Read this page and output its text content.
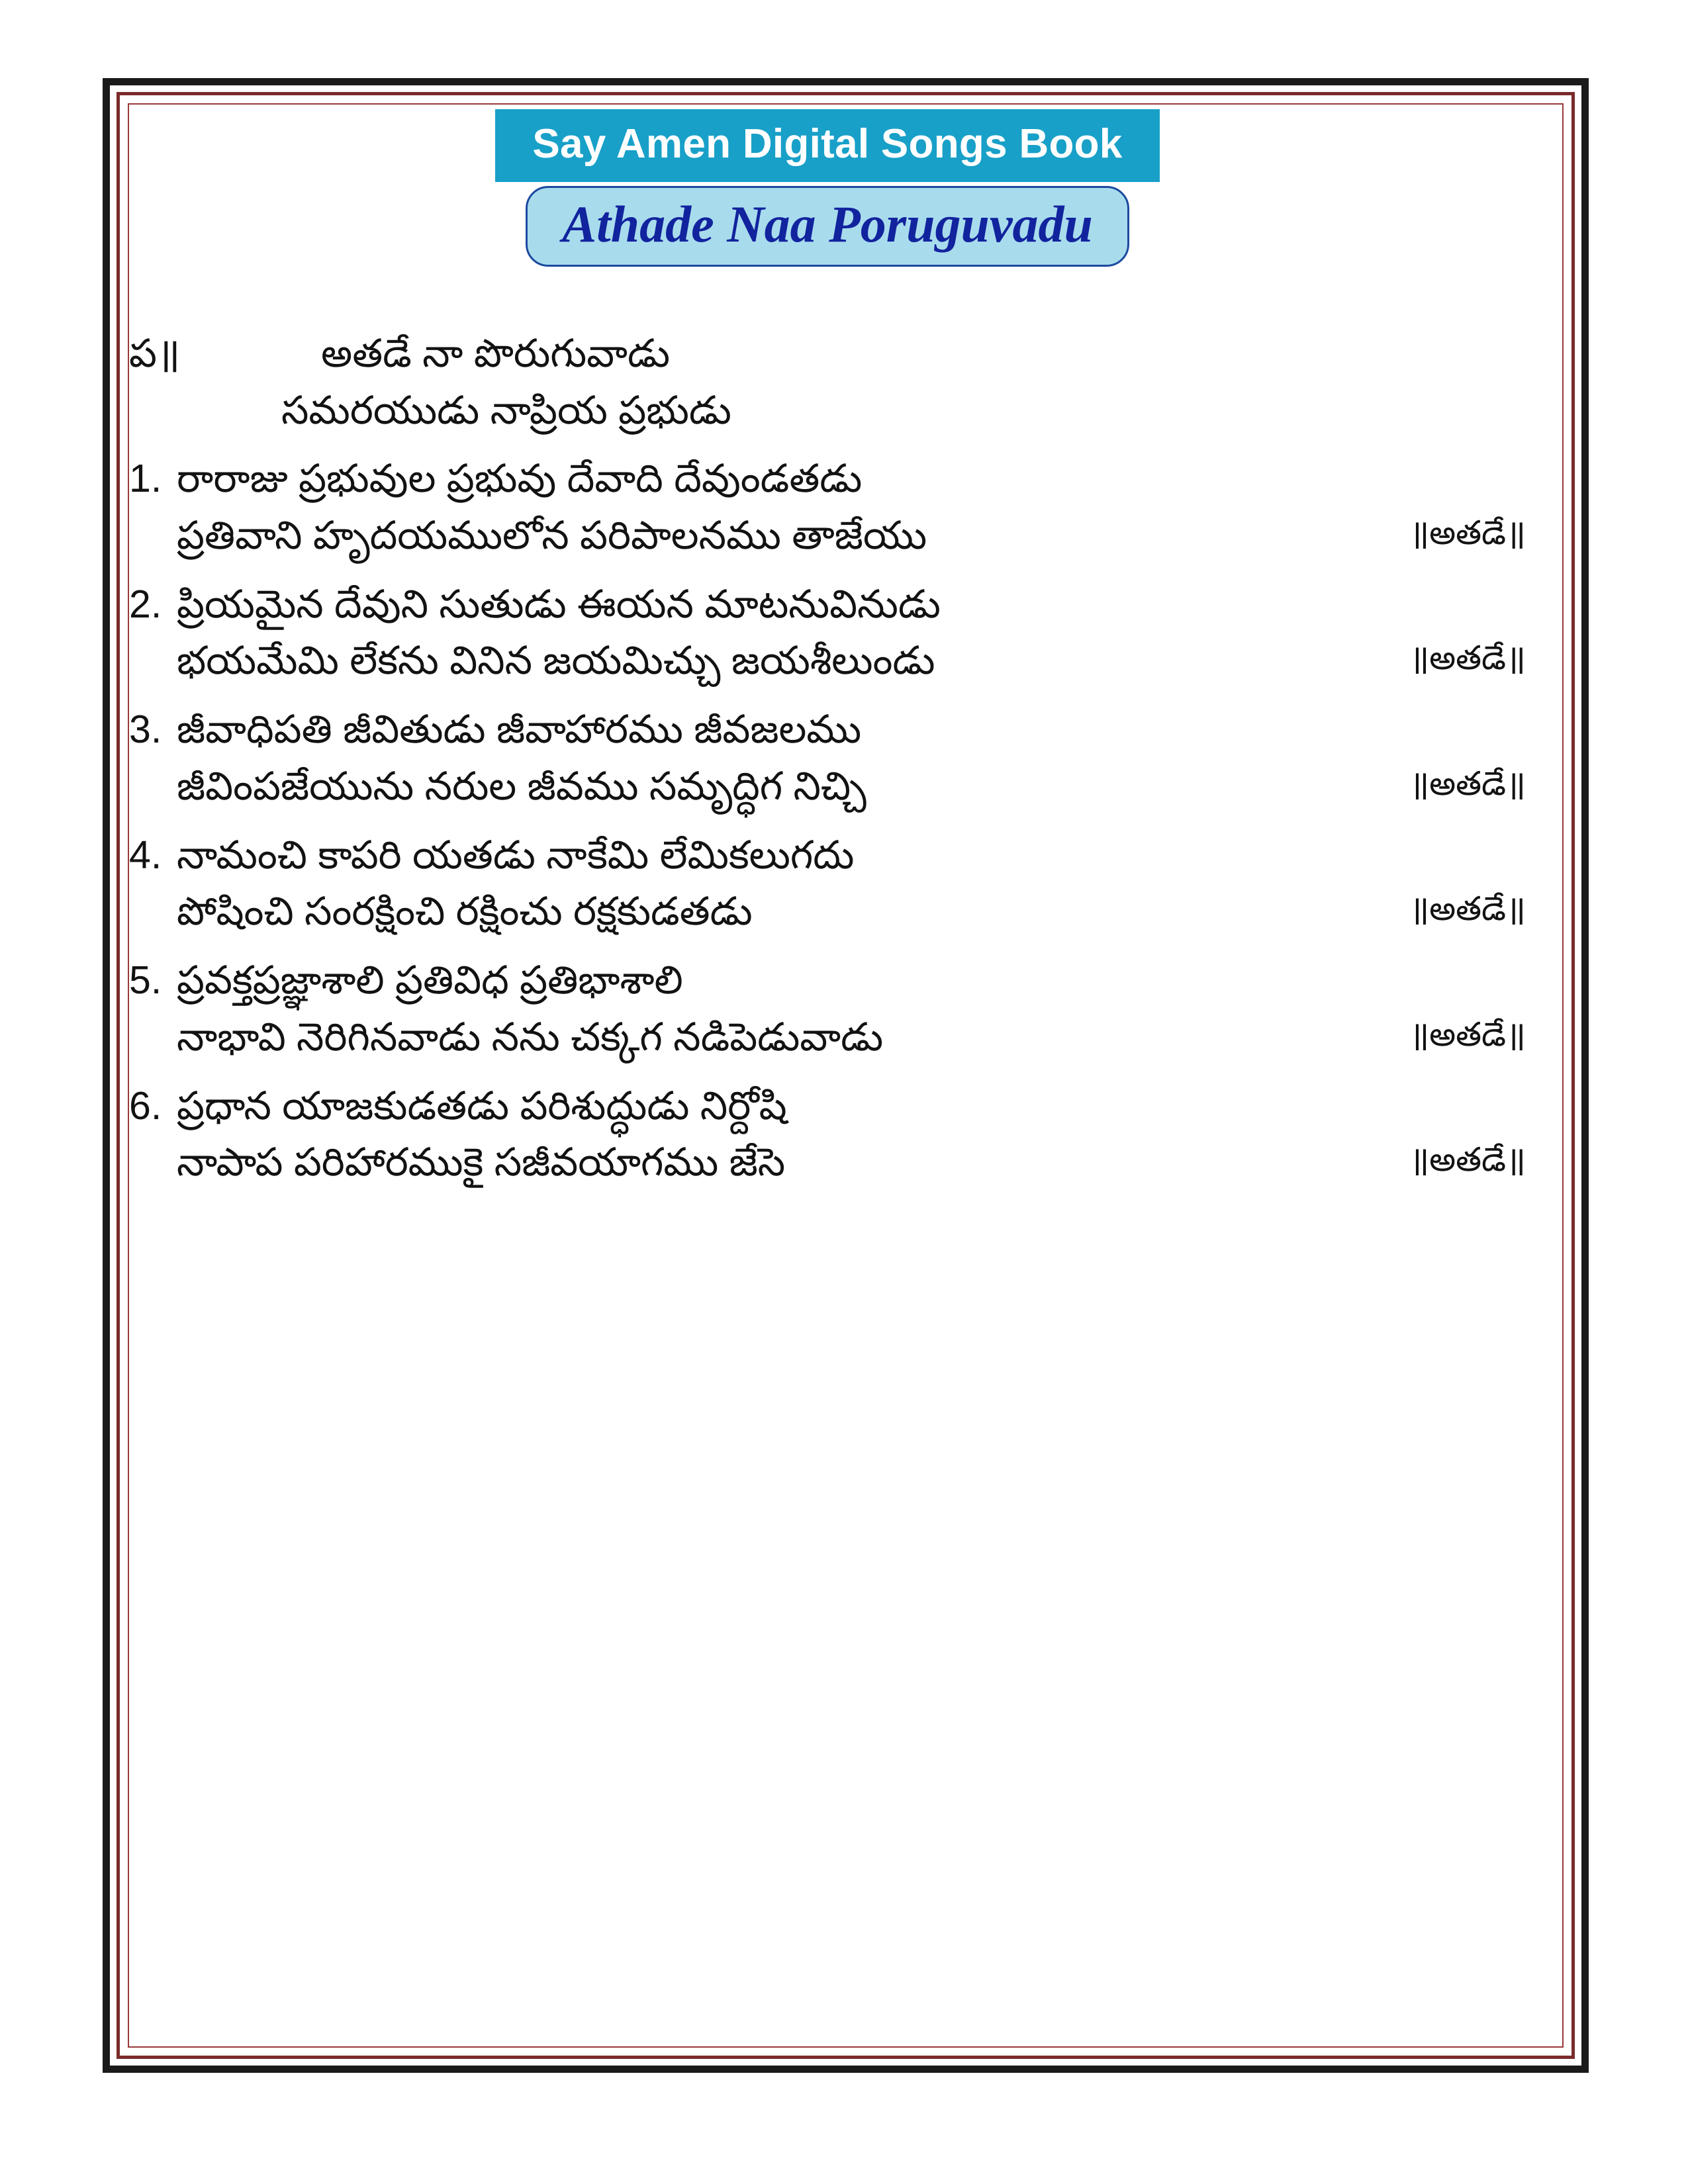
Say Amen Digital Songs Book
Athade Naa Poruguvadu
ప॥	అతడే నా పొరుగువాడు
సమరయుడు నాప్రియ ప్రభుడు
1. రారాజు ప్రభువుల ప్రభువు దేవాది దేవుండతడు
ప్రతివాని హృదయములోన పరిపాలనము తాజేయు	॥అతడే॥
2. ప్రియమైన దేవుని సుతుడు ఈయన మాటనువినుడు
భయమేమి లేకను వినిన జయమిచ్చు జయశీలుండు	॥అతడే॥
3. జీవాధిపతి జీవితుడు జీవాహారము జీవజలము
జీవింపజేయును నరుల జీవము సమృద్ధిగ నిచ్చి	॥అతడే॥
4. నామంచి కాపరి యతడు నాకేమి లేమికలుగదు
పోషించి సంరక్షించి రక్షించు రక్షకుడతడు	॥అతడే॥
5. ప్రవక్తప్రజ్ఞాశాలి ప్రతివిధ ప్రతిభాశాలి
నాభావి నెరిగినవాడు నను చక్కగ నడిపెడువాడు	॥అతడే॥
6. ప్రధాన యాజకుడతడు పరిశుద్ధుడు నిర్దోషి
నాపాప పరిహారముకై సజీవయాగము జేసె	॥అతడే॥
